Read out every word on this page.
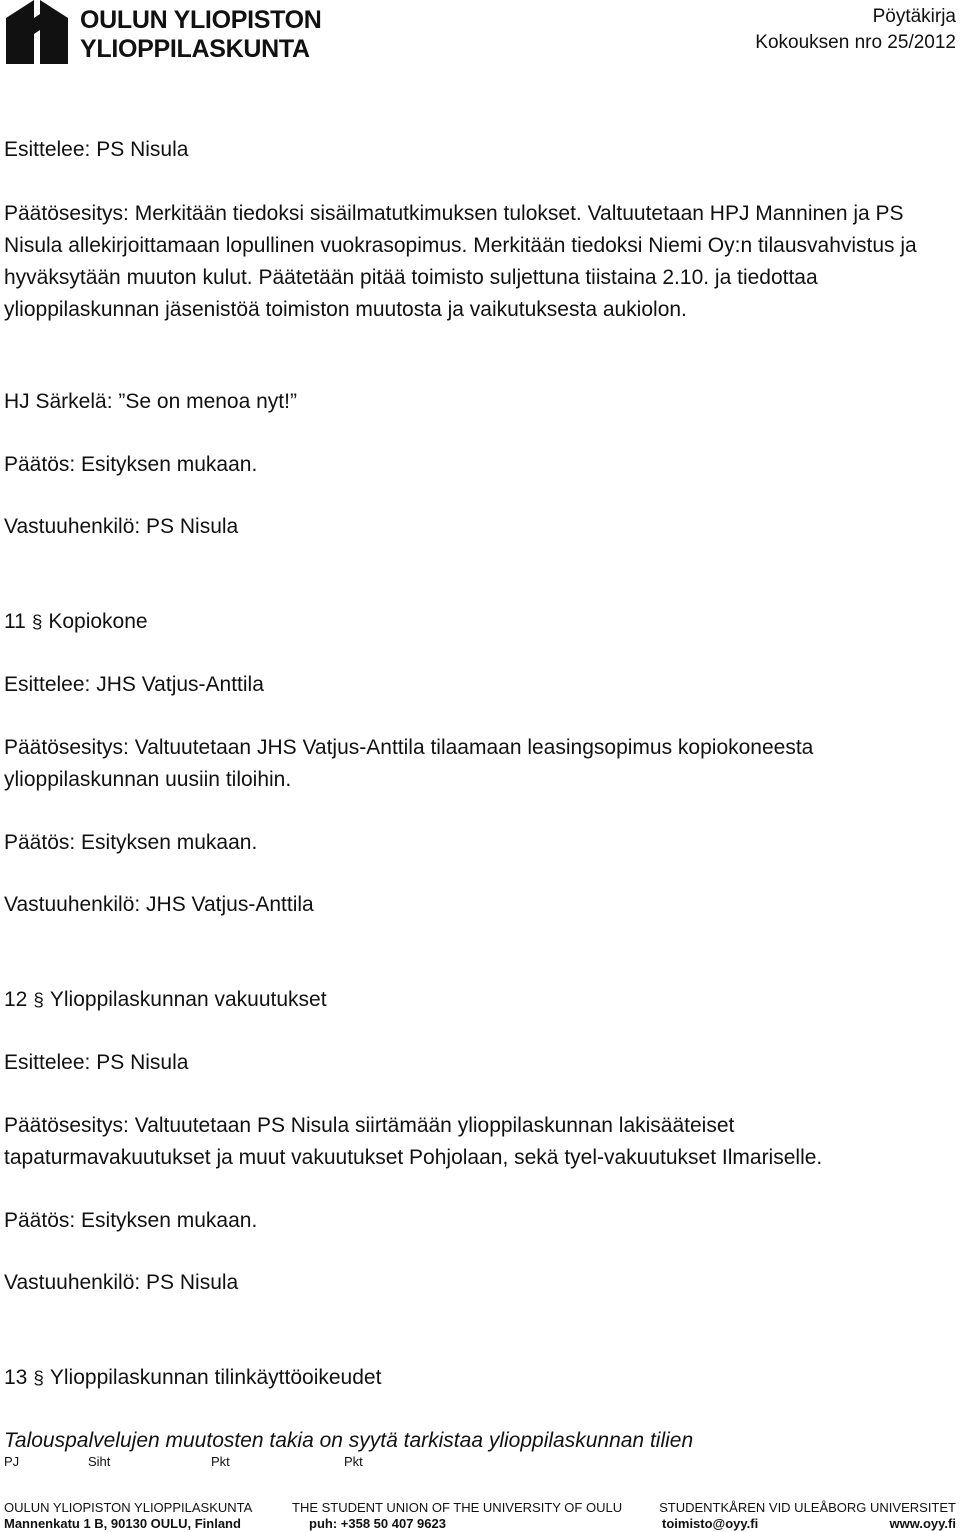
OULUN YLIOPISTON
YLIOPPILASKUNTA
Pöytäkirja
Kokouksen nro 25/2012

Esittelee: PS Nisula

Päätösesitys: Merkitään tiedoksi sisäilmatutkimuksen tulokset. Valtuutetaan HPJ Manninen ja PS Nisula allekirjoittamaan lopullinen vuokrasopimus. Merkitään tiedoksi Niemi Oy:n tilausvahvistus ja hyväksytään muuton kulut. Päätetään pitää toimisto suljettuna tiistaina 2.10. ja tiedottaa ylioppilaskunnan jäsenistöä toimiston muutosta ja vaikutuksesta aukiolon.

HJ Särkelä: ”Se on menoa nyt!”

Päätös: Esityksen mukaan.

Vastuuhenkilö: PS Nisula

11 § Kopiokone

Esittelee: JHS Vatjus-Anttila

Päätösesitys: Valtuutetaan JHS Vatjus-Anttila tilaamaan leasingsopimus kopiokoneesta ylioppilaskunnan uusiin tiloihin.

Päätös: Esityksen mukaan.

Vastuuhenkilö: JHS Vatjus-Anttila

12 § Ylioppilaskunnan vakuutukset

Esittelee: PS Nisula

Päätösesitys: Valtuutetaan PS Nisula siirtämään ylioppilaskunnan lakisääteiset tapaturmavakuutukset ja muut vakuutukset Pohjolaan, sekä tyel-vakuutukset Ilmariselle.

Päätös: Esityksen mukaan.

Vastuuhenkilö: PS Nisula

13 § Ylioppilaskunnan tilinkäyttöoikeudet

Talouspalvelujen muutosten takia on syytä tarkistaa ylioppilaskunnan tilien

PJ	Siht	Pkt	Pkt
OULUN YLIOPISTON YLIOPPILASKUNTA	THE STUDENT UNION OF THE UNIVERSITY OF OULU	STUDENTKÅREN VID ULEÅBORG UNIVERSITET
Mannenkatu 1 B, 90130 OULU, Finland	puh: +358 50 407 9623	toimisto@oyy.fi	www.oyy.fi
